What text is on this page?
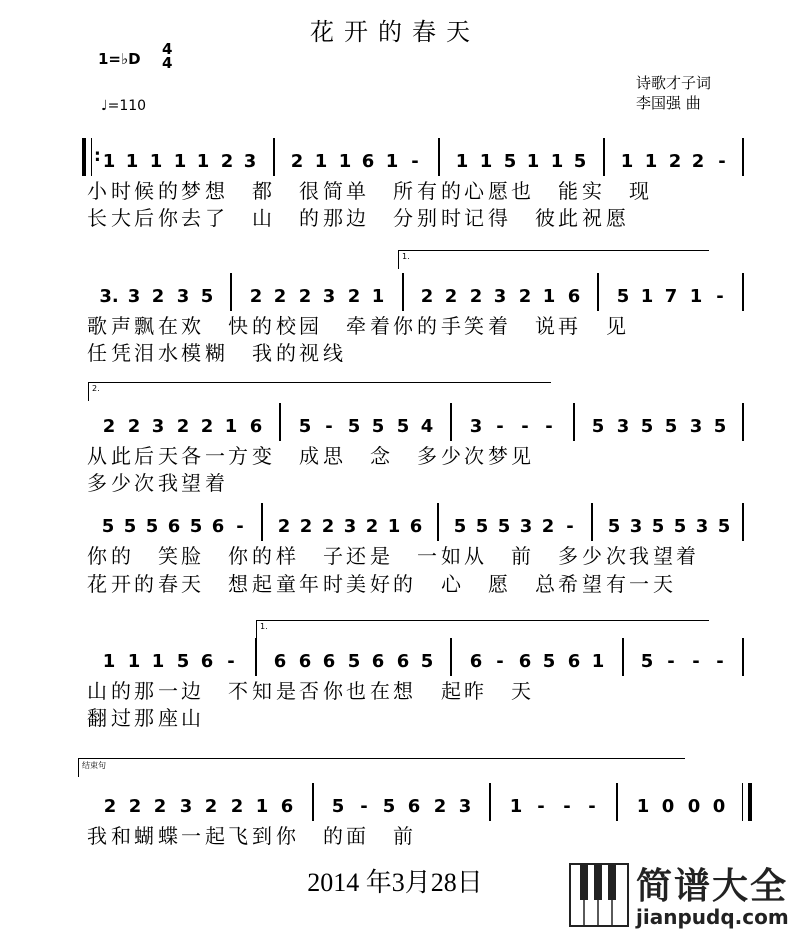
花开的春天
1=♭D
4
4
♩=110
诗歌才子词
李国强 曲
1 1 1 1 1 2 3 2 1 1 6 1 -	1 1 5 1 1 5 1 1 2 2 -
:
小 时 候 的 梦 想 都 很 简 单 所 有 的 心 愿 也 能 实 现
长 大 后 你 去 了 山 的 那 边 分 别 时 记 得 彼 此 祝 愿
1.
3. 3 2 3 5 2 2 2 3 2 1 2 2 2 3 2 1 6 5 1 7 1 -
歌 声 飘 在 欢 快 的 校 园 牵 着 你 的 手 笑 着 说 再 见
任 凭 泪 水 模 糊 我 的 视 线
2.
2 2 3 2 2 1 6 5 - 5 5 5 4 3 - - -	5 3 5 5 3 5
从 此 后 天 各 一 方 变 成 思 念 多 少 次 梦 见
多 少 次 我 望 着
5 5 5 6 5 6 -	2 2 2 3 2 1 6 5 5 5 3 2 -	5 3 5 5 3 5
你 的 笑 脸 你 的 样 子 还 是 一 如 从 前 多 少 次 我 望 着
花 开 的 春 天 想 起 童 年 时 美 好 的 心 愿 总 希 望 有 一 天
1.
1 1 1 5 6 -	6 6 6 5 6 6 5 6 - 6 5 6 1 5 - - -
山 的 那 一 边 不 知 是 否 你 也 在 想 起 昨 天
翻 过 那 座 山
结束句
2 2 2 3 2 2 1 6 5 - 5 6 2 3 1 -	- -	1 0 0 0
我 和 蝴 蝶 一 起 飞 到 你 的 面 前
2014 年3月28日	简谱大全
jianpudq.com
